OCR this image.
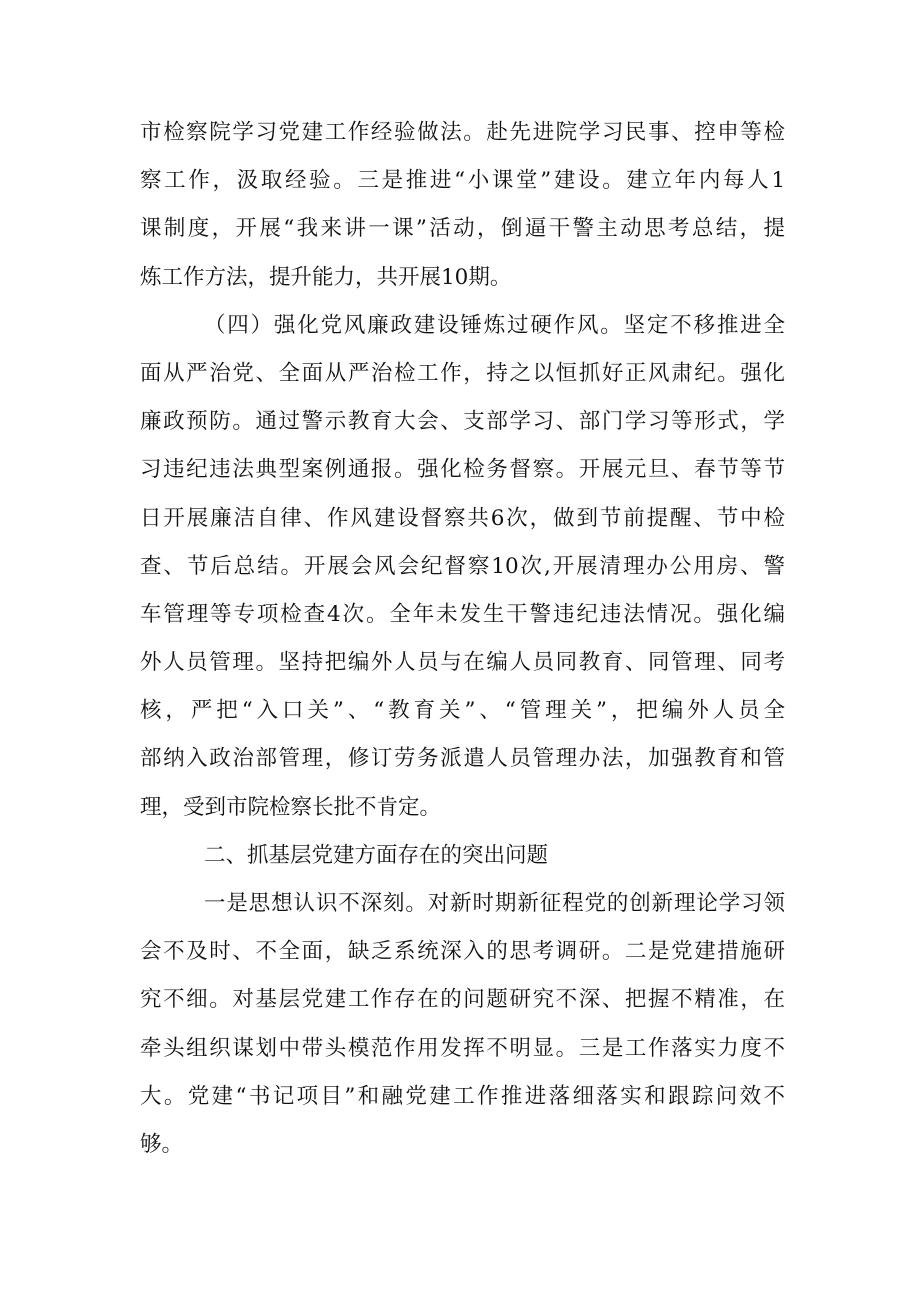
市检察院学习党建工作经验做法。赴先进院学习民事、控申等检
察工作，汲取经验。三是推进“小课堂”建设。建立年内每人1
课制度，开展“我来讲一课”活动，倒逼干警主动思考总结，提
炼工作方法，提升能力，共开展10期。
（四）强化党风廉政建设锤炼过硬作风。坚定不移推进全
面从严治党、全面从严治检工作，持之以恒抓好正风肃纪。强化
廉政预防。通过警示教育大会、支部学习、部门学习等形式，学
习违纪违法典型案例通报。强化检务督察。开展元旦、春节等节
日开展廉洁自律、作风建设督察共6次，做到节前提醒、节中检
查、节后总结。开展会风会纪督察10次,开展清理办公用房、警
车管理等专项检查4次。全年未发生干警违纪违法情况。强化编
外人员管理。坚持把编外人员与在编人员同教育、同管理、同考
核，严把“入口关”、“教育关”、“管理关”，把编外人员全
部纳入政治部管理，修订劳务派遣人员管理办法，加强教育和管
理，受到市院检察长批不肯定。
二、抓基层党建方面存在的突出问题
一是思想认识不深刻。对新时期新征程党的创新理论学习领
会不及时、不全面，缺乏系统深入的思考调研。二是党建措施研
究不细。对基层党建工作存在的问题研究不深、把握不精准，在
牵头组织谋划中带头模范作用发挥不明显。三是工作落实力度不
大。党建“书记项目”和融党建工作推进落细落实和跟踪问效不
够。
